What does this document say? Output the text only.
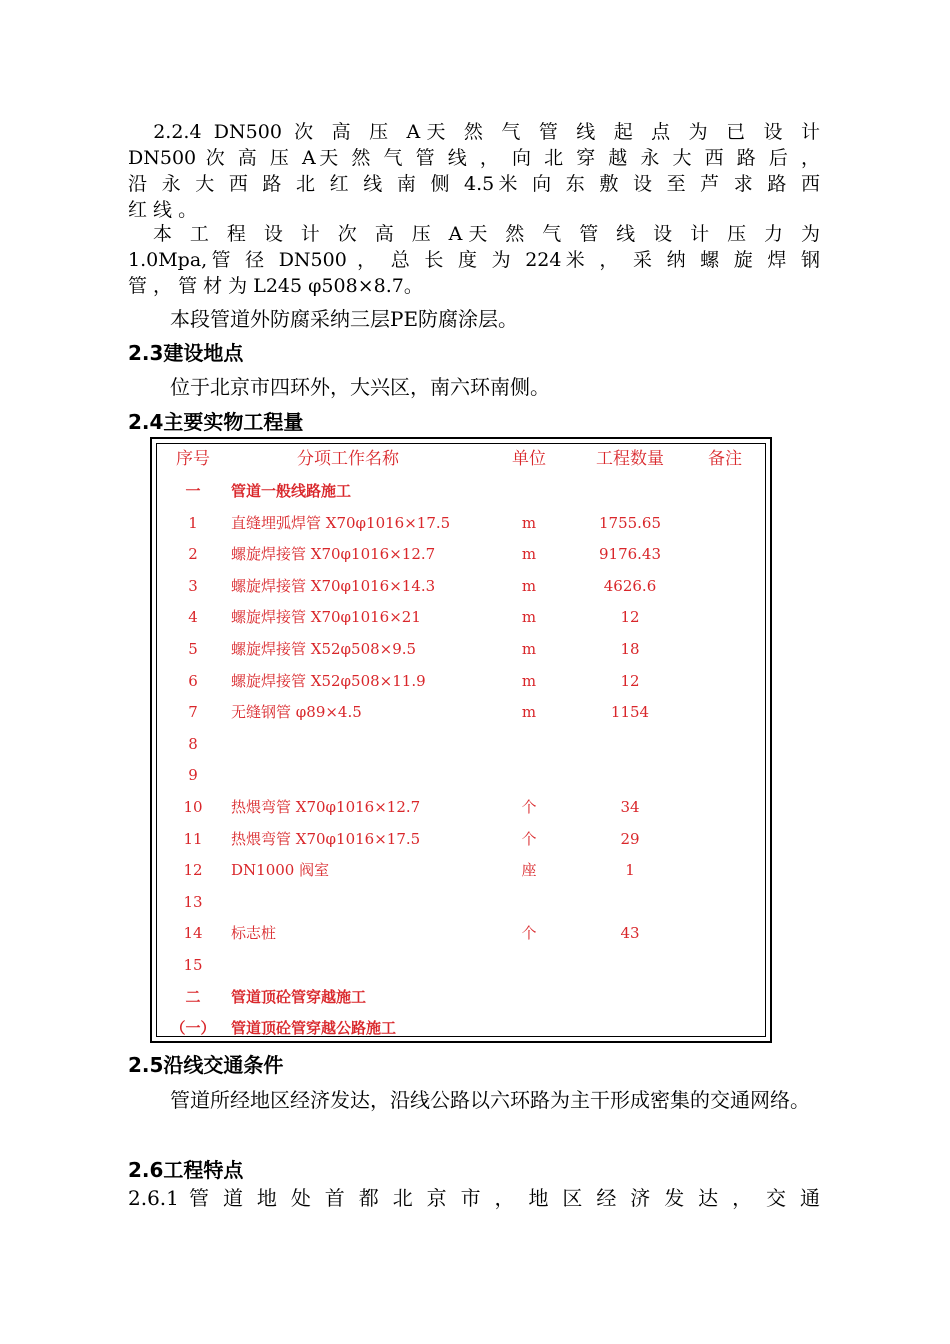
　2.2.4 DN500 次 高 压 A天 然 气 管 线 起 点 为 已 设 计
DN500 次 高 压 A天 然 气 管 线 ， 向 北 穿 越 永 大 西 路 后 ，
沿 永 大 西 路 北 红 线 南 侧 4.5米 向 东 敷 设 至 芦 求 路 西
红 线 。
　本 工 程 设 计 次 高 压 A天 然 气 管 线 设 计 压 力 为
1.0Mpa,管 径 DN500 ， 总 长 度 为 224米 ， 采 纳 螺 旋 焊 钢
管 ， 管 材 为 L245 φ508×8.7。
本段管道外防腐采纳三层PE防腐涂层。
2.3建设地点
位于北京市四环外，大兴区，南六环南侧。
2.4主要实物工程量
序号	分项工作名称	单位	工程数量	备注
一	管道一般线路施工
1	直缝埋弧焊管 X70φ1016×17.5	m	1755.65
2	螺旋焊接管 X70φ1016×12.7	m	9176.43
3	螺旋焊接管 X70φ1016×14.3	m	4626.6
4	螺旋焊接管 X70φ1016×21	m	12
5	螺旋焊接管 X52φ508×9.5	m	18
6	螺旋焊接管 X52φ508×11.9	m	12
7	无缝钢管 φ89×4.5	m	1154
8
9
10	热煨弯管 X70φ1016×12.7	个	34
11	热煨弯管 X70φ1016×17.5	个	29
12	DN1000 阀室	座	1
13
14	标志桩	个	43
15
二	管道顶砼管穿越施工
（一）	管道顶砼管穿越公路施工
2.5沿线交通条件
管道所经地区经济发达，沿线公路以六环路为主干形成密集的交通网络。
2.6工程特点
2.6.1 管 道 地 处 首 都 北 京 市 ， 地 区 经 济 发 达 ， 交 通
